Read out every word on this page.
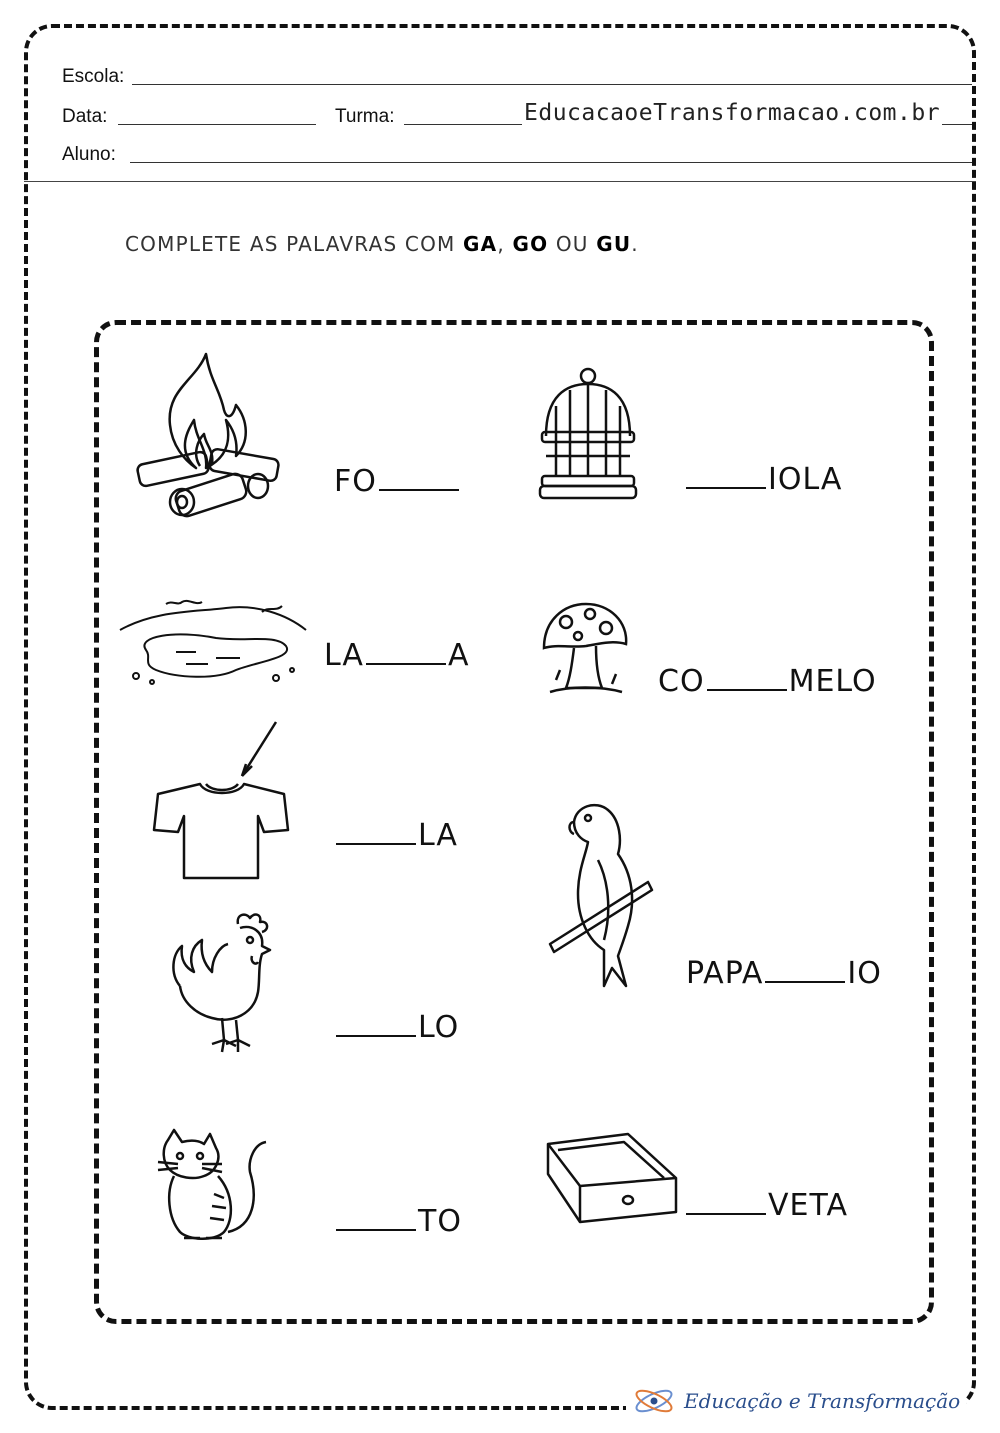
Escola:
Data:	Turma:	EducacaoeTransformacao.com.br
Aluno:
COMPLETE AS PALAVRAS COM GA, GO OU GU.
FO	IOLA
LA	A
CO	MELO
LA
PAPA	IO
LO
VETA
TO
Educação e Transformação
